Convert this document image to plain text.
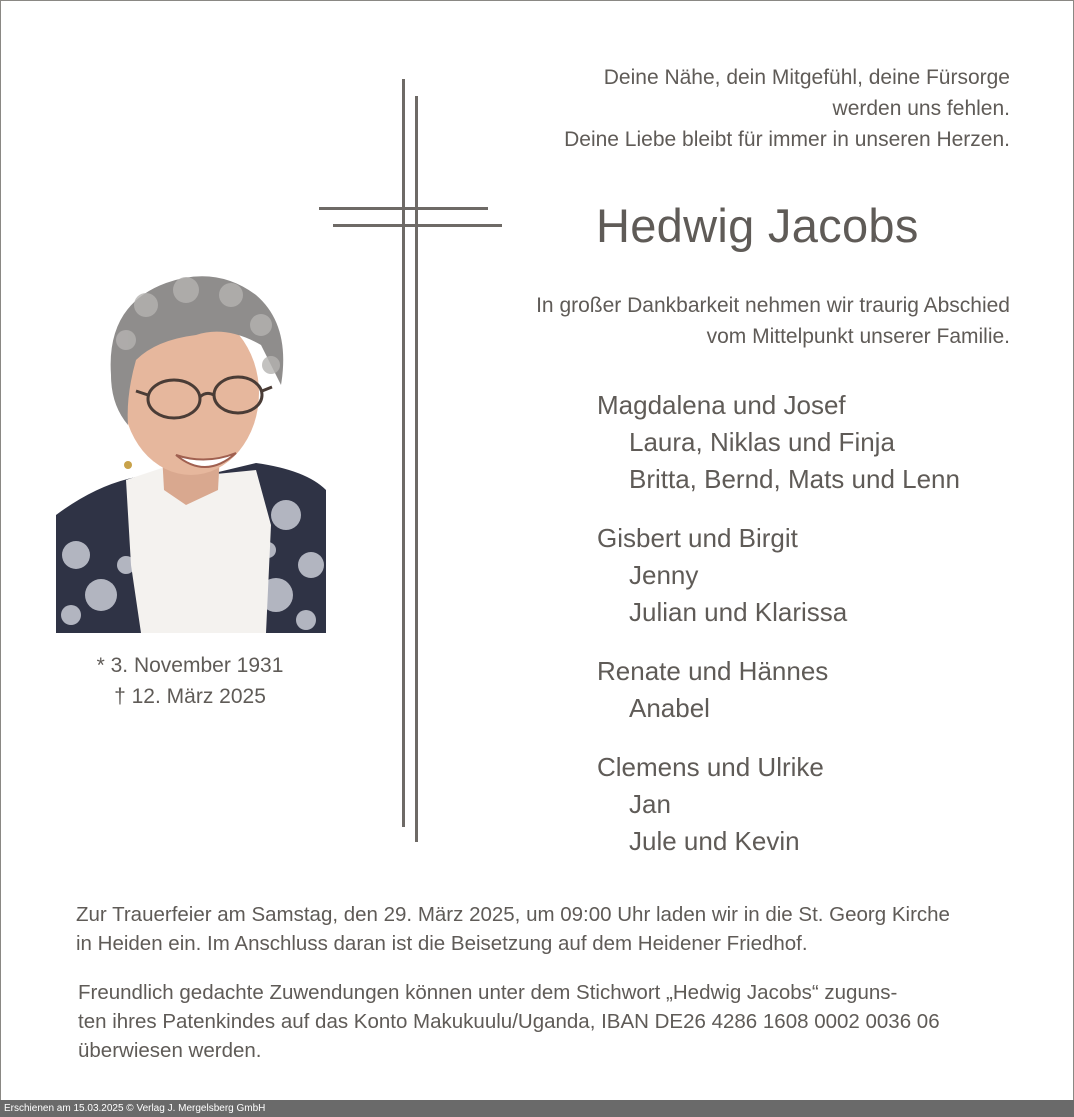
Deine Nähe, dein Mitgefühl, deine Fürsorge
werden uns fehlen.
Deine Liebe bleibt für immer in unseren Herzen.
Hedwig Jacobs
In großer Dankbarkeit nehmen wir traurig Abschied
vom Mittelpunkt unserer Familie.
Magdalena und Josef
Laura, Niklas und Finja
Britta, Bernd, Mats und Lenn
Gisbert und Birgit
Jenny
Julian und Klarissa
Renate und Hännes
Anabel
Clemens und Ulrike
Jan
Jule und Kevin
* 3. November 1931
† 12. März 2025
Zur Trauerfeier am Samstag, den 29. März 2025, um 09:00 Uhr laden wir in die St. Georg Kirche
in Heiden ein. Im Anschluss daran ist die Beisetzung auf dem Heidener Friedhof.
Freundlich gedachte Zuwendungen können unter dem Stichwort „Hedwig Jacobs“ zuguns-
ten ihres Patenkindes auf das Konto Makukuulu/Uganda, IBAN DE26 4286 1608 0002 0036 06
überwiesen werden.
Erschienen am 15.03.2025 © Verlag J. Mergelsberg GmbH
